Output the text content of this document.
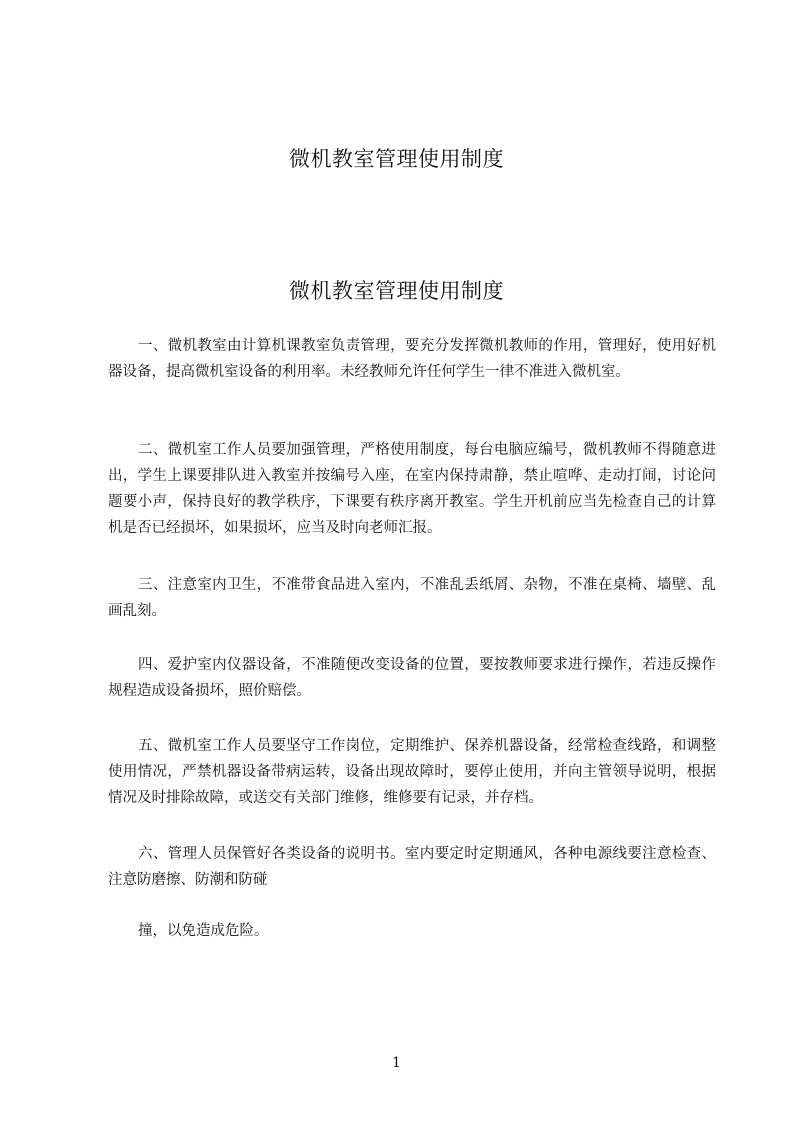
微机教室管理使用制度
微机教室管理使用制度

一、微机教室由计算机课教室负责管理，要充分发挥微机教师的作用，管理好，使用好机器设备，提高微机室设备的利用率。未经教师允许任何学生一律不准进入微机室。

二、微机室工作人员要加强管理，严格使用制度，每台电脑应编号，微机教师不得随意进出，学生上课要排队进入教室并按编号入座，在室内保持肃静，禁止喧哗、走动打闹，讨论问题要小声，保持良好的教学秩序，下课要有秩序离开教室。学生开机前应当先检查自己的计算机是否已经损坏，如果损坏，应当及时向老师汇报。

三、注意室内卫生，不准带食品进入室内，不准乱丢纸屑、杂物，不准在桌椅、墙壁、乱画乱刻。

四、爱护室内仪器设备，不准随便改变设备的位置，要按教师要求进行操作，若违反操作规程造成设备损坏，照价赔偿。

五、微机室工作人员要坚守工作岗位，定期维护、保养机器设备，经常检查线路，和调整使用情况，严禁机器设备带病运转，设备出现故障时，要停止使用，并向主管领导说明，根据情况及时排除故障，或送交有关部门维修，维修要有记录，并存档。

六、管理人员保管好各类设备的说明书。室内要定时定期通风，各种电源线要注意检查、注意防磨擦、防潮和防碰

撞，以免造成危险。

1
